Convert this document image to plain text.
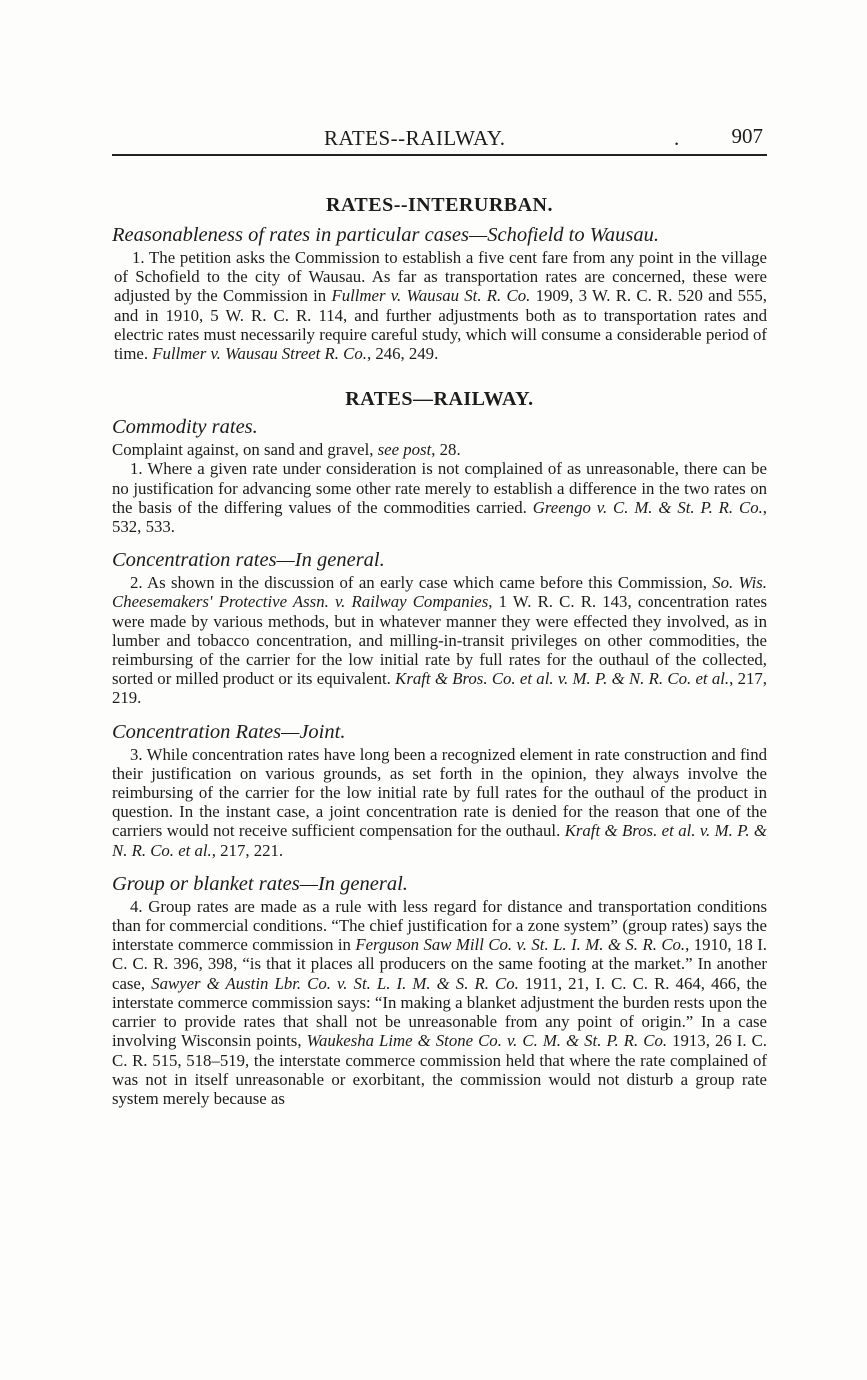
RATES--RAILWAY.	. 907
RATES--INTERURBAN.
Reasonableness of rates in particular cases—Schofield to Wausau.

1. The petition asks the Commission to establish a five cent fare from any point in the village of Schofield to the city of Wausau. As far as transportation rates are concerned, these were adjusted by the Commission in Fullmer v. Wausau St. R. Co. 1909, 3 W. R. C. R. 520 and 555, and in 1910, 5 W. R. C. R. 114, and further adjustments both as to transportation rates and electric rates must necessarily require careful study, which will consume a considerable period of time. Fullmer v. Wausau Street R. Co., 246, 249.

RATES—RAILWAY.
Commodity rates.

Complaint against, on sand and gravel, see post, 28.

1. Where a given rate under consideration is not complained of as unreasonable, there can be no justification for advancing some other rate merely to establish a difference in the two rates on the basis of the differing values of the commodities carried. Greengo v. C. M. & St. P. R. Co., 532, 533.

Concentration rates—In general.

2. As shown in the discussion of an early case which came before this Commission, So. Wis. Cheesemakers' Protective Assn. v. Railway Companies, 1 W. R. C. R. 143, concentration rates were made by various methods, but in whatever manner they were effected they involved, as in lumber and tobacco concentration, and milling-in-transit privileges on other commodities, the reimbursing of the carrier for the low initial rate by full rates for the outhaul of the collected, sorted or milled product or its equivalent. Kraft & Bros. Co. et al. v. M. P. & N. R. Co. et al., 217, 219.

Concentration Rates—Joint.

3. While concentration rates have long been a recognized element in rate construction and find their justification on various grounds, as set forth in the opinion, they always involve the reimbursing of the carrier for the low initial rate by full rates for the outhaul of the product in question. In the instant case, a joint concentration rate is denied for the reason that one of the carriers would not receive sufficient compensation for the outhaul. Kraft & Bros. et al. v. M. P. & N. R. Co. et al., 217, 221.

Group or blanket rates—In general.

4. Group rates are made as a rule with less regard for distance and transportation conditions than for commercial conditions. “The chief justification for a zone system” (group rates) says the interstate commerce commission in Ferguson Saw Mill Co. v. St. L. I. M. & S. R. Co., 1910, 18 I. C. C. R. 396, 398, “is that it places all producers on the same footing at the market.” In another case, Sawyer & Austin Lbr. Co. v. St. L. I. M. & S. R. Co. 1911, 21, I. C. C. R. 464, 466, the interstate commerce commission says: “In making a blanket adjustment the burden rests upon the carrier to provide rates that shall not be unreasonable from any point of origin.” In a case involving Wisconsin points, Waukesha Lime & Stone Co. v. C. M. & St. P. R. Co. 1913, 26 I. C. C. R. 515, 518–519, the interstate commerce commission held that where the rate complained of was not in itself unreasonable or exorbitant, the commission would not disturb a group rate system merely because as
